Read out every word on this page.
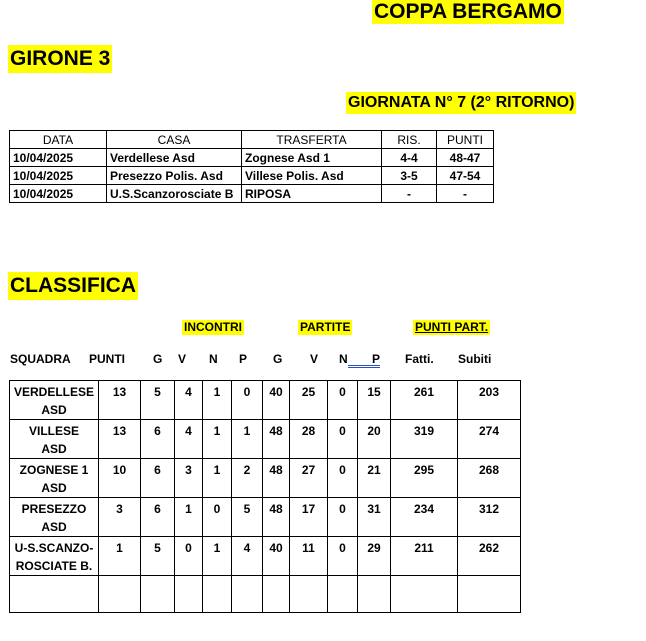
COPPA BERGAMO
GIRONE 3
GIORNATA N° 7 (2° RITORNO)
DATA	CASA	TRASFERTA	RIS.	PUNTI
10/04/2025	Verdellese Asd	Zognese Asd 1	4-4	48-47
10/04/2025	Presezzo Polis. Asd	Villese Polis. Asd	3-5	47-54
10/04/2025	U.S.Scanzorosciate B	RIPOSA	-	-
CLASSIFICA
INCONTRI	PARTITE	PUNTI PART.
SQUADRA PUNTI G V N P G V N P Fatti. Subiti
VERDELLESE
ASD	13	5	4	1	0	40	25	0	15	261	203
VILLESE
ASD	13	6	4	1	1	48	28	0	20	319	274
ZOGNESE 1
ASD	10	6	3	1	2	48	27	0	21	295	268
PRESEZZO
ASD	3	6	1	0	5	48	17	0	31	234	312
U-S.SCANZO-
ROSCIATE B.	1	5	0	1	4	40	11	0	29	211	262
